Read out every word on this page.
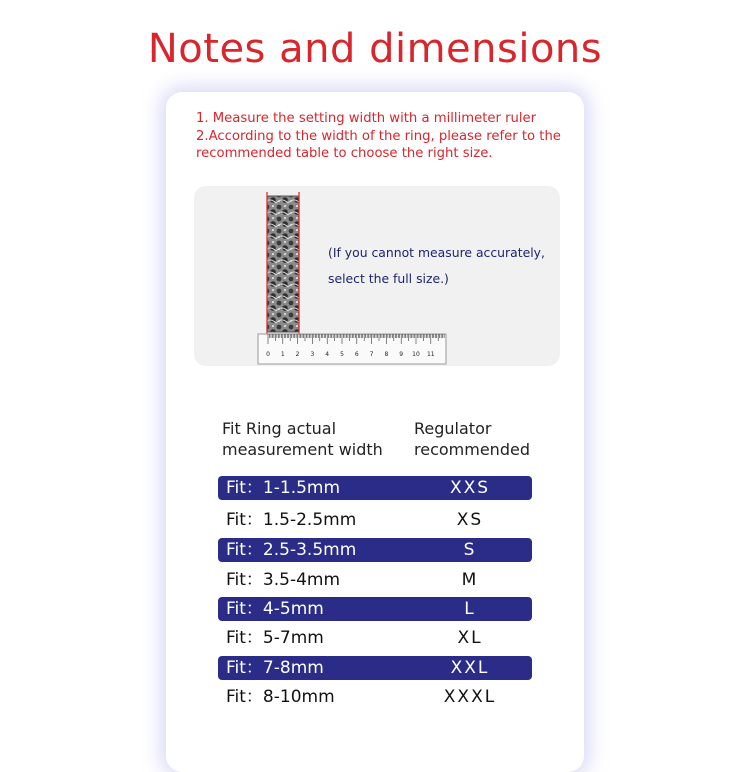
Notes and dimensions

1. Measure the setting width with a millimeter ruler

2.According to the width of the ring, please refer to the recommended table to choose the right size.

0 1 2 3 4 5 6 7 8 9 10 11
(If you cannot measure accurately,
select the full size.)
Fit Ring actual
measurement width
Regulator
recommended
Fit：1-1.5mm	XXS
Fit：1.5-2.5mm	XS
Fit：2.5-3.5mm	S
Fit：3.5-4mm	M
Fit：4-5mm	L
Fit：5-7mm	XL
Fit：7-8mm	XXL
Fit：8-10mm	XXXL
